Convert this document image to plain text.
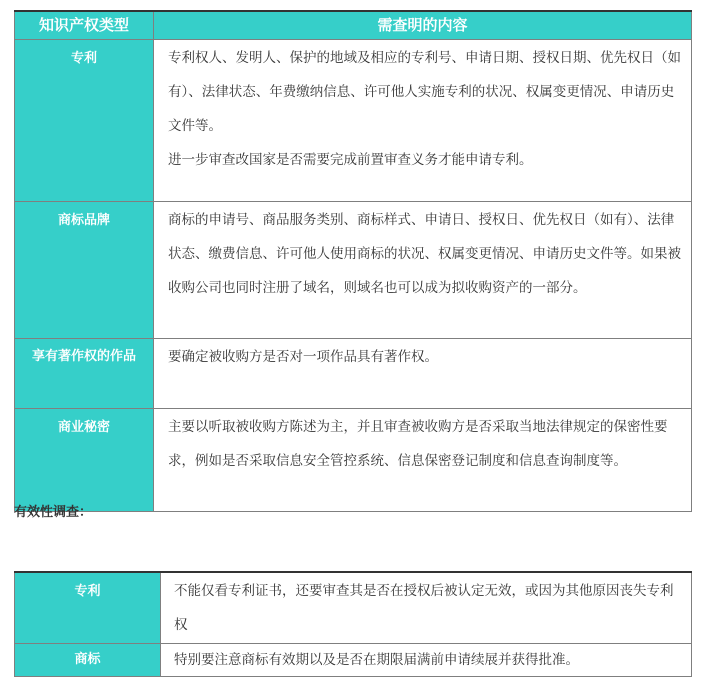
知识产权类型	需查明的内容
专利	专利权人、发明人、保护的地域及相应的专利号、申请日期、授权日期、优先权日（如有）、法律状态、年费缴纳信息、许可他人实施专利的状况、权属变更情况、申请历史文件等。

进一步审查改国家是否需要完成前置审查义务才能申请专利。

商标品牌	商标的申请号、商品服务类别、商标样式、申请日、授权日、优先权日（如有）、法律状态、缴费信息、许可他人使用商标的状况、权属变更情况、申请历史文件等。如果被收购公司也同时注册了域名，则域名也可以成为拟收购资产的一部分。
享有著作权的作品	要确定被收购方是否对一项作品具有著作权。
商业秘密	主要以听取被收购方陈述为主，并且审查被收购方是否采取当地法律规定的保密性要求，例如是否采取信息安全管控系统、信息保密登记制度和信息查询制度等。

有效性调查：

专利	不能仅看专利证书，还要审查其是否在授权后被认定无效，或因为其他原因丧失专利权
商标	特别要注意商标有效期以及是否在期限届满前申请续展并获得批准。
